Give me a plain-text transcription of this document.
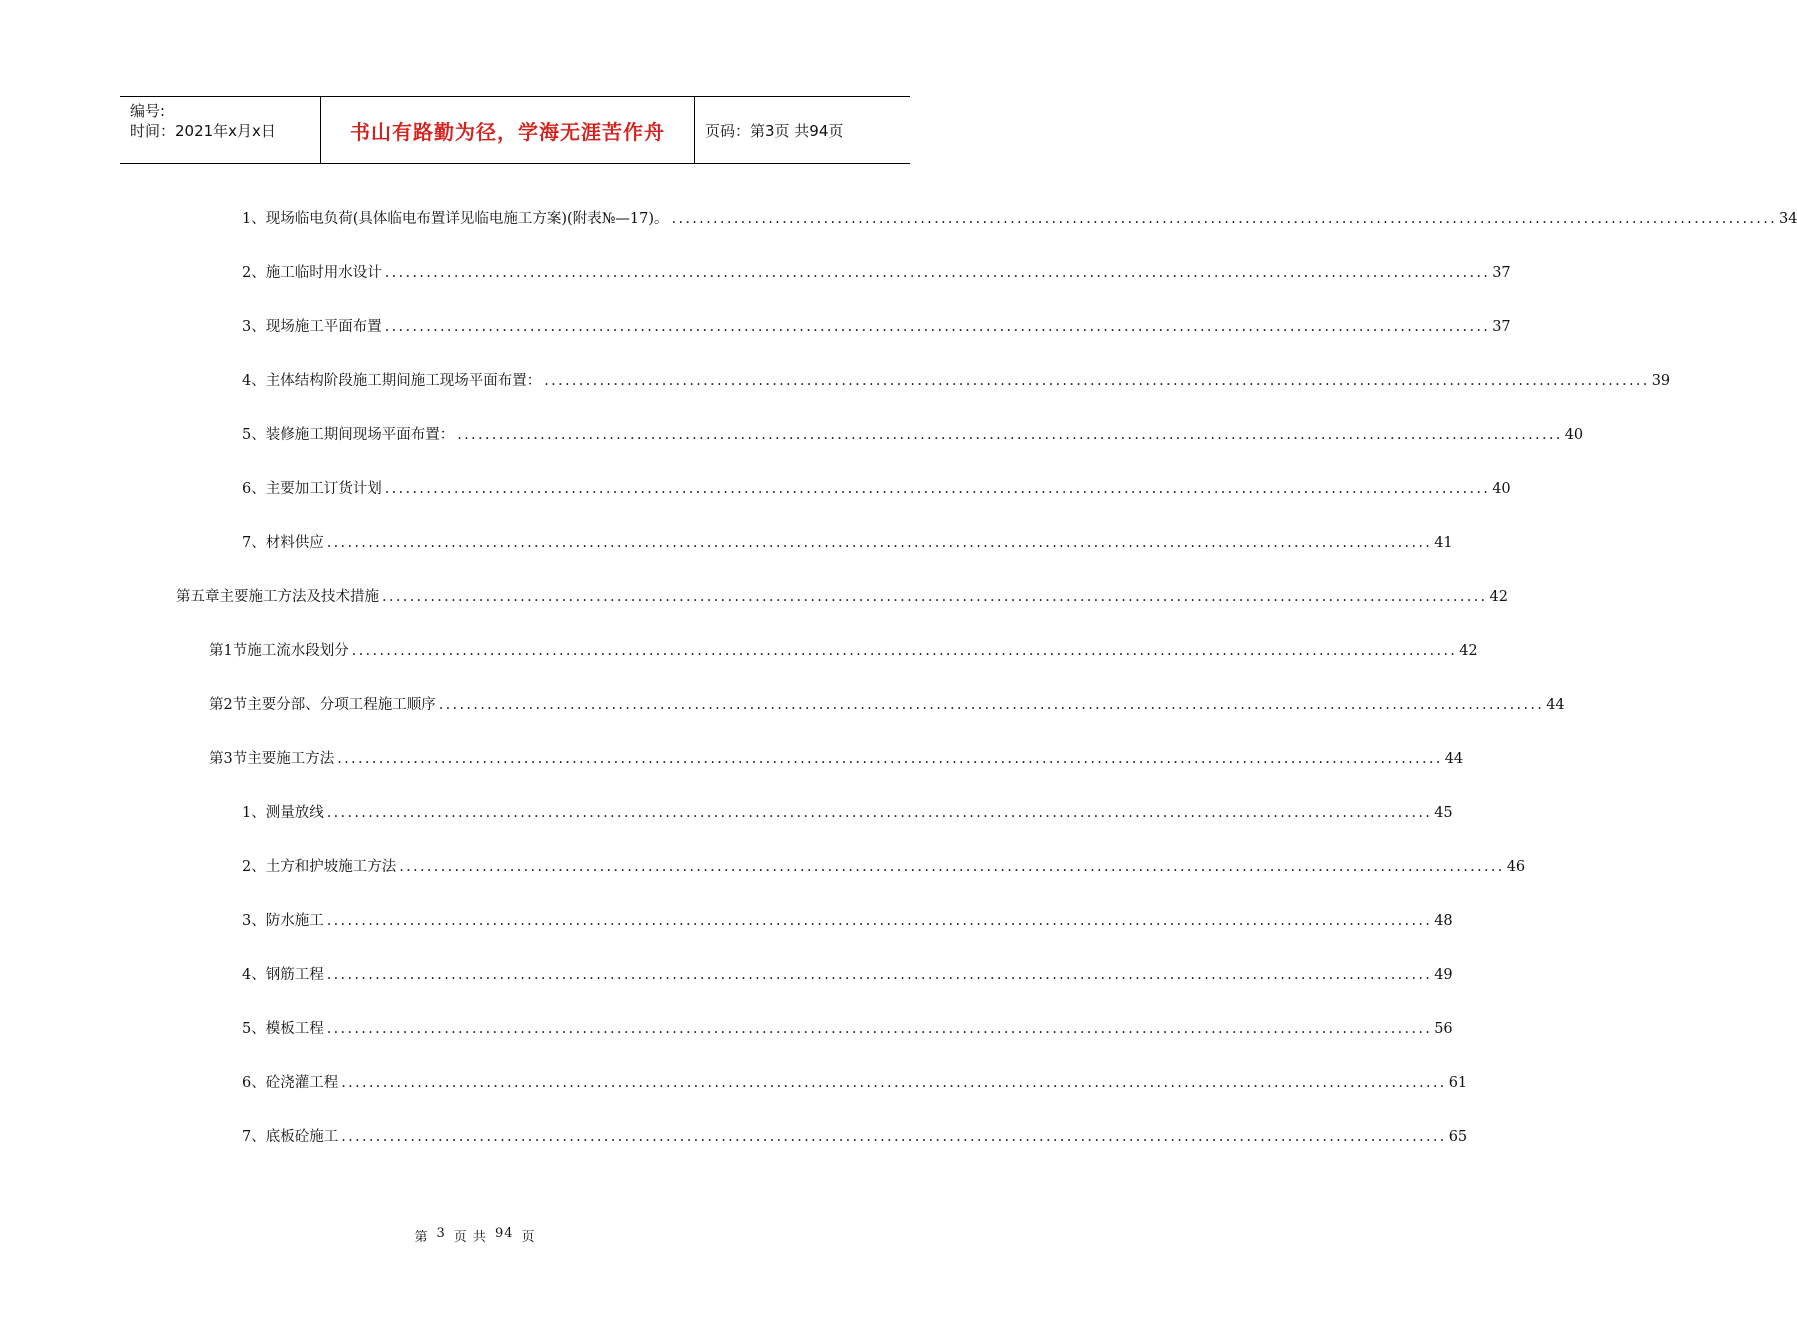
编号:
时间：2021年x月x日	书山有路勤为径，学海无涯苦作舟	页码：第3页 共94页
1、 现场临电负荷(具体临电布置详见临电施工方案)(附表№—17)。 ................................................................................................................................................................ 34
2、 施工临时用水设计 ................................................................................................................................................................ 37
3、 现场施工平面布置 ................................................................................................................................................................ 37
4、 主体结构阶段施工期间施工现场平面布置： ................................................................................................................................................................ 39
5、 装修施工期间现场平面布置： ................................................................................................................................................................ 40
6、 主要加工订货计划 ................................................................................................................................................................ 40
7、 材料供应 ................................................................................................................................................................ 41
第五章 主要施工方法及技术措施 ................................................................................................................................................................ 42
第1节 施工流水段划分 ................................................................................................................................................................ 42
第2节 主要分部、分项工程施工顺序 ................................................................................................................................................................ 44
第3节 主要施工方法 ................................................................................................................................................................ 44
1、 测量放线 ................................................................................................................................................................ 45
2、 土方和护坡施工方法 ................................................................................................................................................................ 46
3、 防水施工 ................................................................................................................................................................ 48
4、 钢筋工程 ................................................................................................................................................................ 49
5、 模板工程 ................................................................................................................................................................ 56
6、 砼浇灌工程 ................................................................................................................................................................ 61
7、 底板砼施工 ................................................................................................................................................................ 65
第 3 页 共 94 页
